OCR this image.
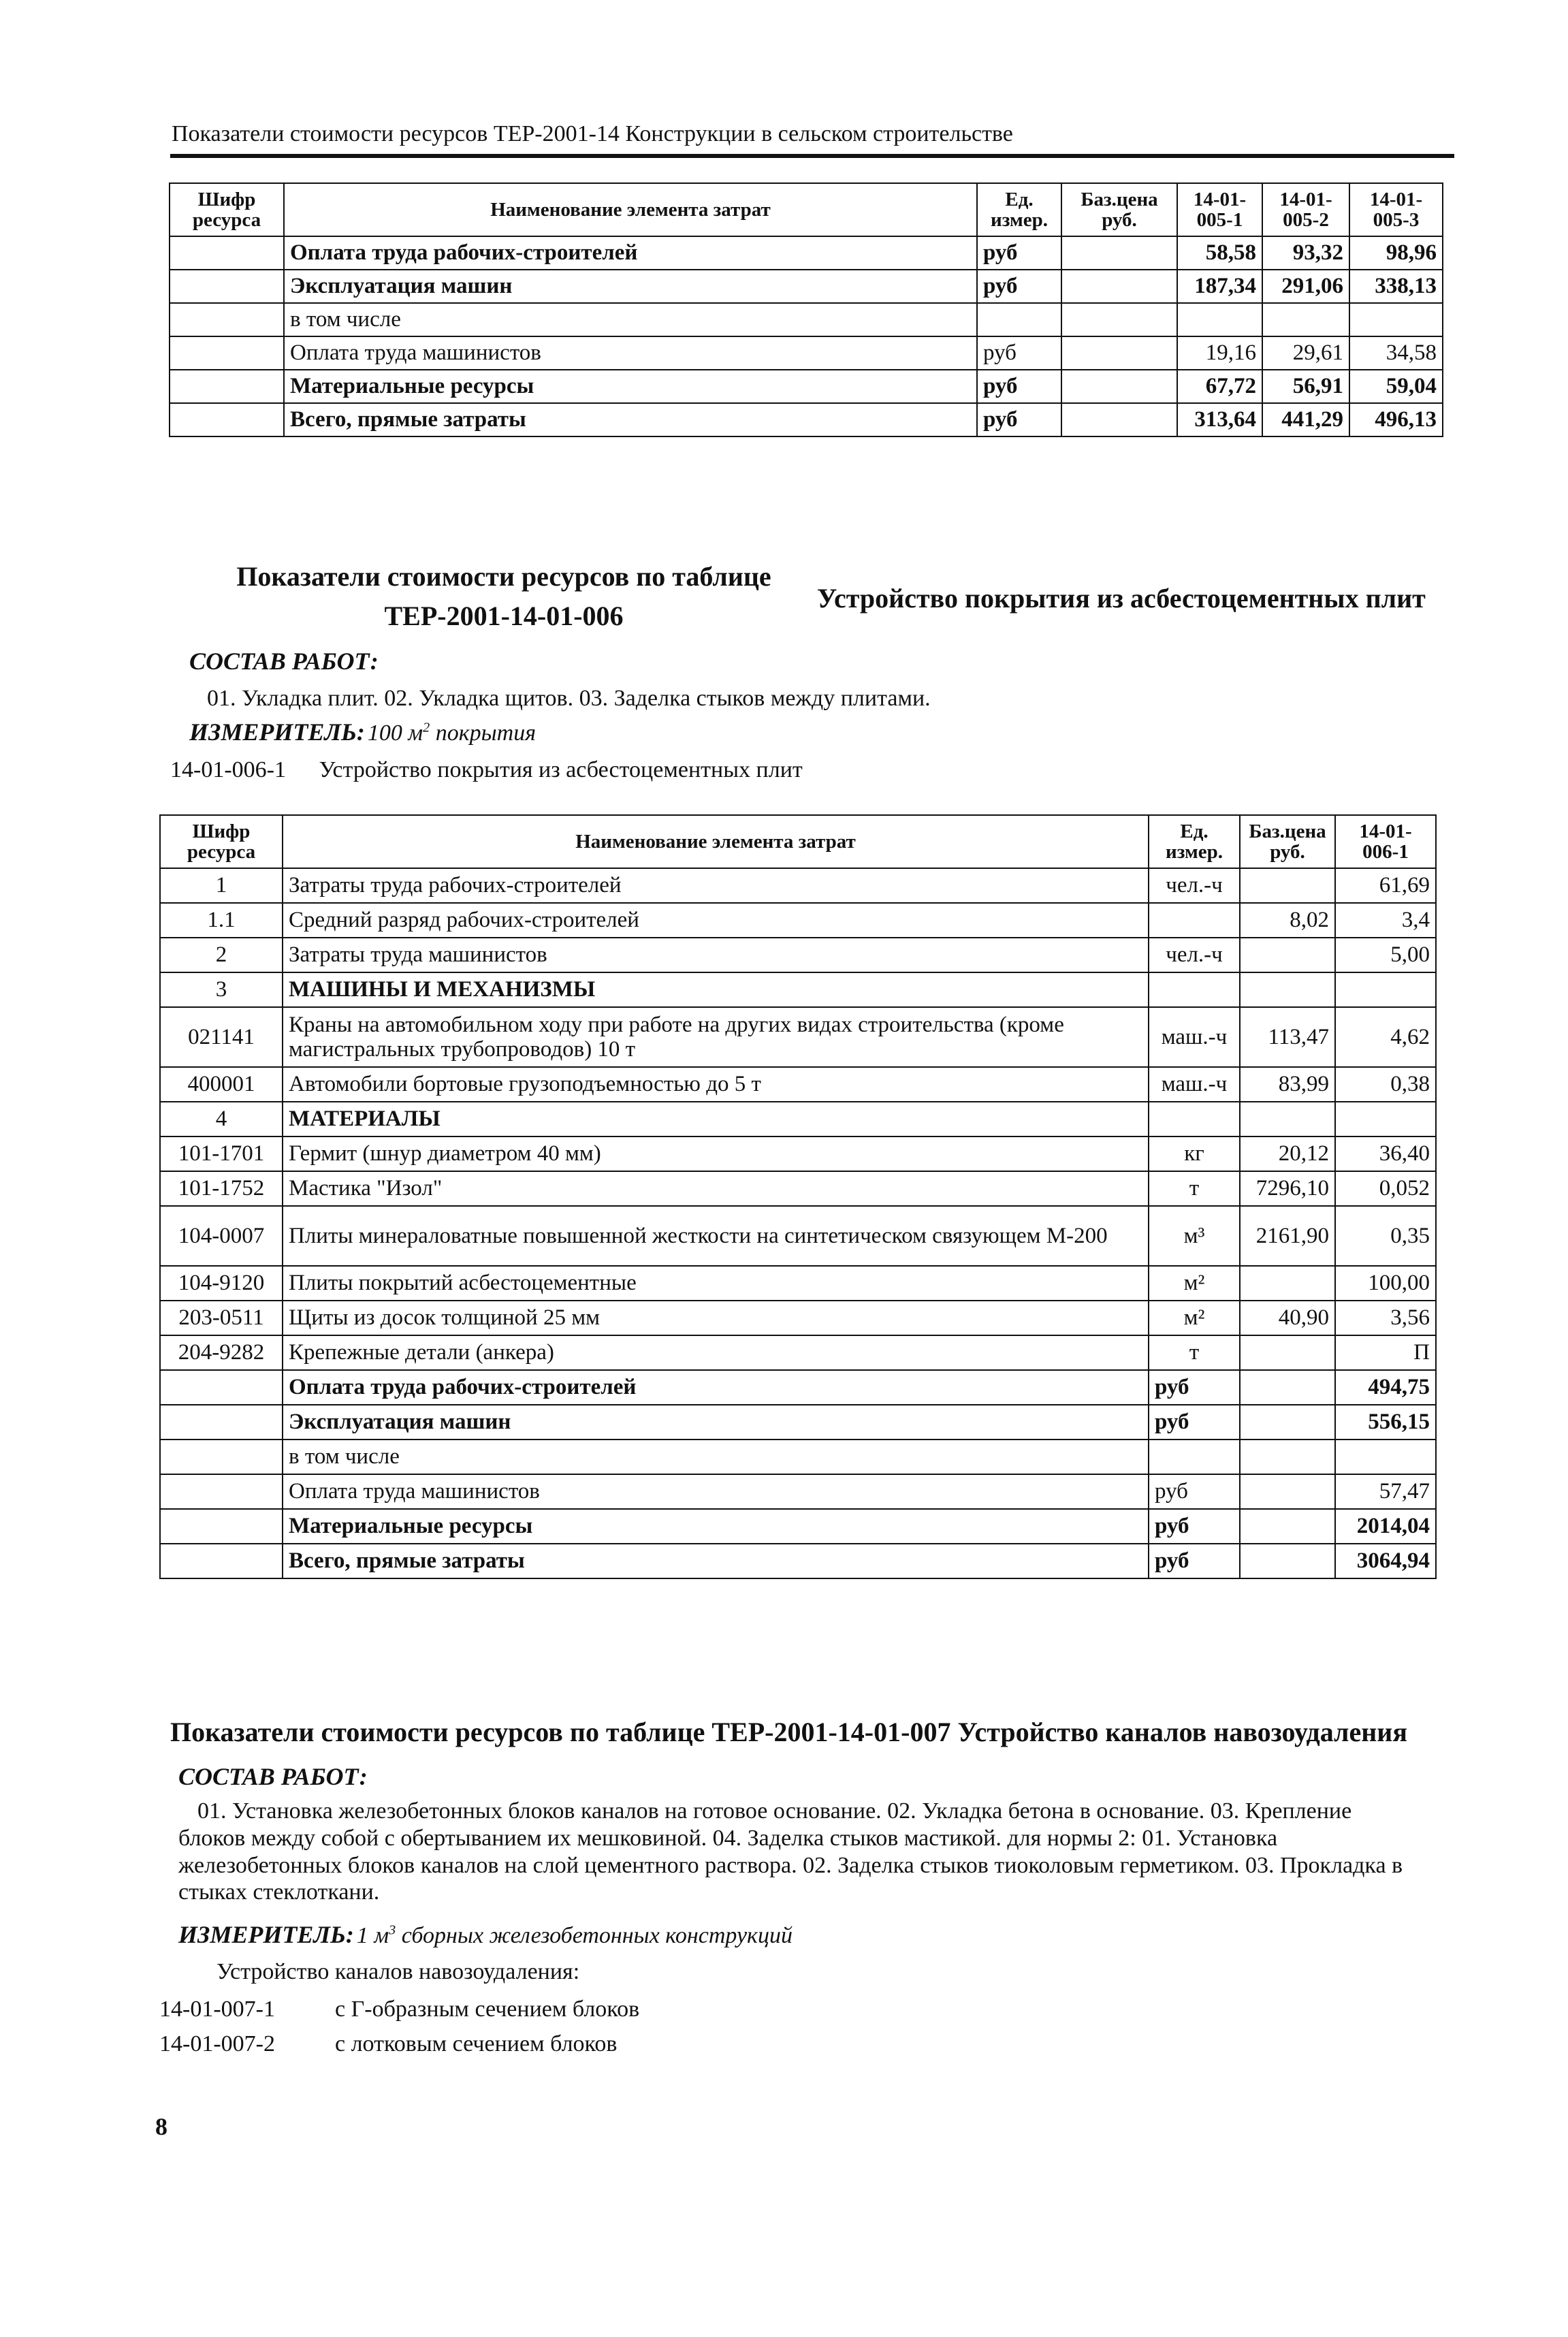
Показатели стоимости ресурсов ТЕР-2001-14 Конструкции в сельском строительстве
Шифр ресурса	Наименование элемента затрат	Ед. измер.	Баз.цена руб.	14-01-005-1	14-01-005-2	14-01-005-3
	Оплата труда рабочих-строителей	руб		58,58	93,32	98,96
	Эксплуатация машин	руб		187,34	291,06	338,13
	в том числе					
	Оплата труда машинистов	руб		19,16	29,61	34,58
	Материальные ресурсы	руб		67,72	56,91	59,04
	Всего, прямые затраты	руб		313,64	441,29	496,13
Показатели стоимости ресурсов по таблице
ТЕР-2001-14-01-006
Устройство покрытия из асбестоцементных плит
СОСТАВ РАБОТ:
01. Укладка плит. 02. Укладка щитов. 03. Заделка стыков между плитами.
ИЗМЕРИТЕЛЬ: 100 $м^2$ покрытия
14-01-006-1 Устройство покрытия из асбестоцементных плит
Шифр ресурса	Наименование элемента затрат	Ед. измер.	Баз.цена руб.	14-01-006-1
1	Затраты труда рабочих-строителей	чел.-ч		61,69
1.1	Средний разряд рабочих-строителей		8,02	3,4
2	Затраты труда машинистов	чел.-ч		5,00
3	МАШИНЫ И МЕХАНИЗМЫ			
021141	Краны на автомобильном ходу при работе на других видах строительства (кроме магистральных трубопроводов) 10 т	маш.-ч	113,47	4,62
400001	Автомобили бортовые грузоподъемностью до 5 т	маш.-ч	83,99	0,38
4	МАТЕРИАЛЫ			
101-1701	Гермит (шнур диаметром 40 мм)	кг	20,12	36,40
101-1752	Мастика "Изол"	т	7296,10	0,052
104-0007	Плиты минераловатные повышенной жесткости на синтетическом связующем М-200	м³	2161,90	0,35
104-9120	Плиты покрытий асбестоцементные	м²		100,00
203-0511	Щиты из досок толщиной 25 мм	м²	40,90	3,56
204-9282	Крепежные детали (анкера)	т		П
	Оплата труда рабочих-строителей	руб		494,75
	Эксплуатация машин	руб		556,15
	в том числе			
	Оплата труда машинистов	руб		57,47
	Материальные ресурсы	руб		2014,04
	Всего, прямые затраты	руб		3064,94
Показатели стоимости ресурсов по таблице ТЕР-2001-14-01-007 Устройство каналов навозоудаления
СОСТАВ РАБОТ:
01. Установка железобетонных блоков каналов на готовое основание. 02. Укладка бетона в основание. 03. Крепление блоков между собой с обертыванием их мешковиной. 04. Заделка стыков мастикой. для нормы 2: 01. Установка железобетонных блоков каналов на слой цементного раствора. 02. Заделка стыков тиоколовым герметиком. 03. Прокладка в стыках стеклоткани.
ИЗМЕРИТЕЛЬ: 1 $м^3$ сборных железобетонных конструкций
Устройство каналов навозоудаления:
14-01-007-1	с Г-образным сечением блоков
14-01-007-2	с лотковым сечением блоков
8
